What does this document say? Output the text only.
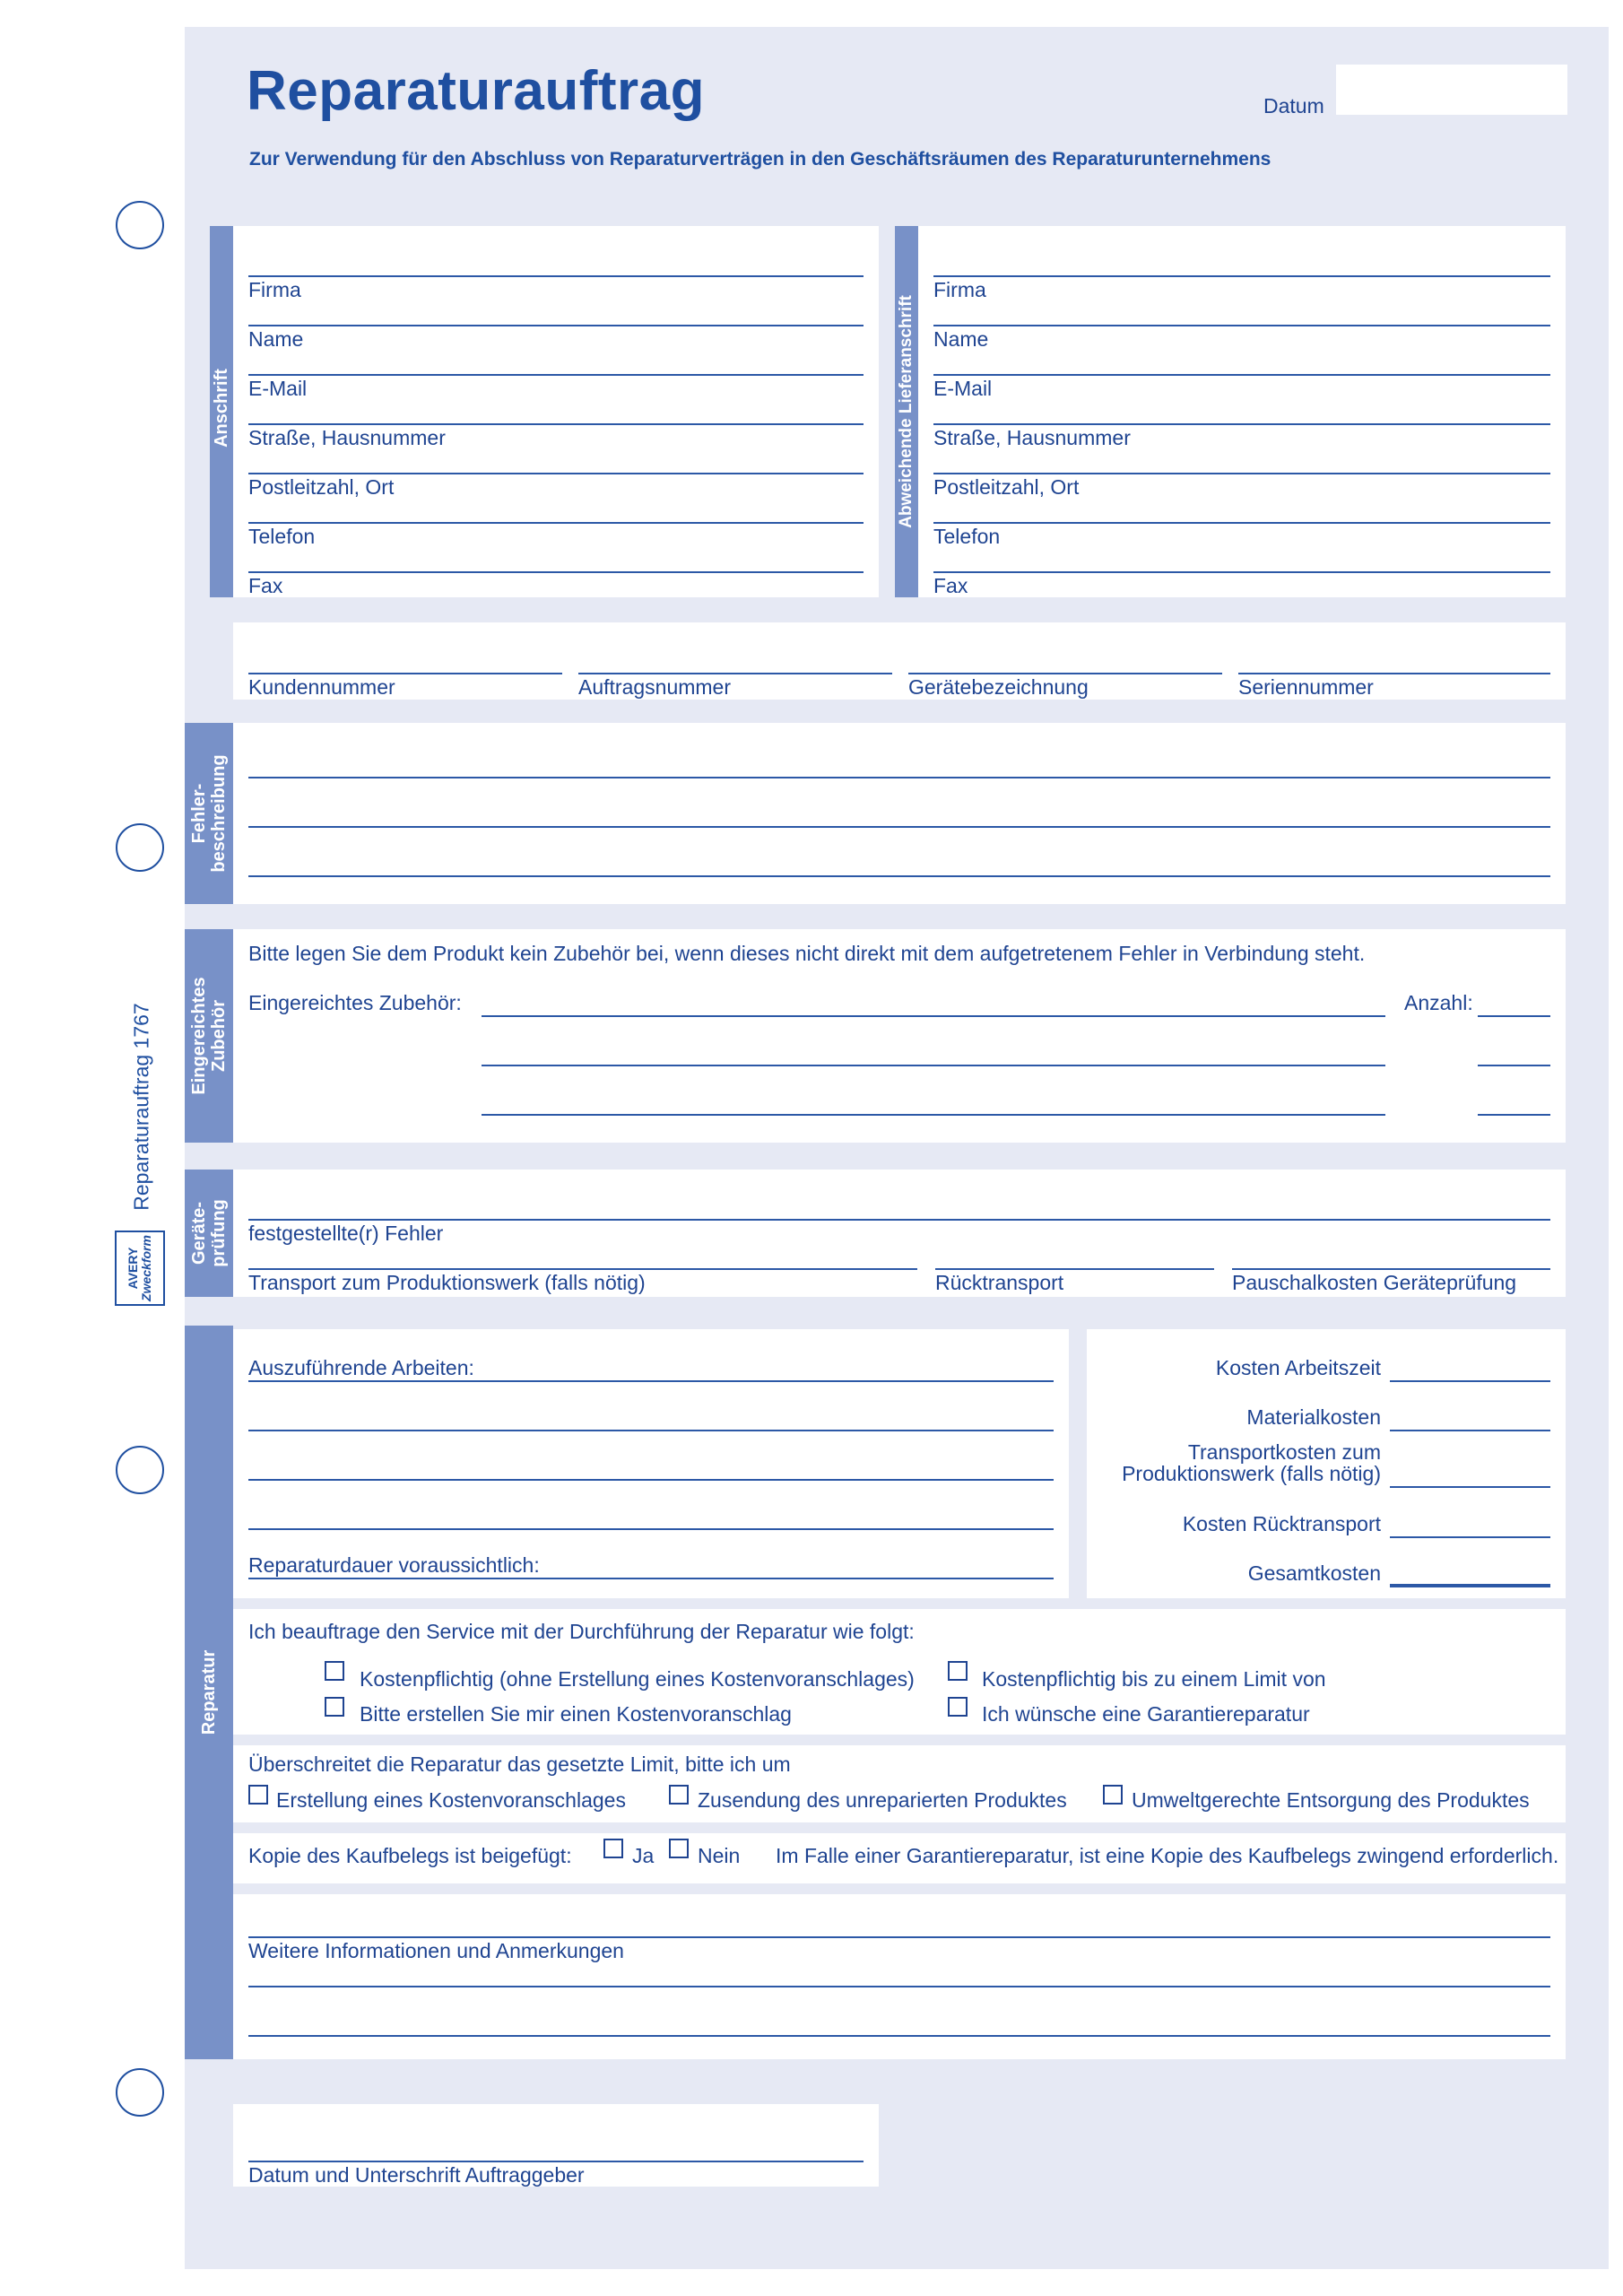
Reparaturauftrag 1767
AVERY
Zweckform
Reparaturauftrag	Datum
Zur Verwendung für den Abschluss von Reparaturverträgen in den Geschäftsräumen des Reparaturunternehmens
Anschrift
Firma
Name
E-Mail
Straße, Hausnummer
Postleitzahl, Ort
Telefon
Fax
Abweichende Lieferanschrift
Firma
Name
E-Mail
Straße, Hausnummer
Postleitzahl, Ort
Telefon
Fax
Kundennummer	Auftragsnummer	Gerätebezeichnung	Seriennummer
Fehler-
beschreibung
Eingereichtes
Zubehör
Bitte legen Sie dem Produkt kein Zubehör bei, wenn dieses nicht direkt mit dem aufgetretenem Fehler in Verbindung steht.
Eingereichtes Zubehör:	Anzahl:
Geräte-
prüfung festgestellte(r) Fehler
Transport zum Produktionswerk (falls nötig)	Rücktransport	Pauschalkosten Geräteprüfung
Reparatur
Auszuführende Arbeiten:
Reparaturdauer voraussichtlich:
Kosten Arbeitszeit
Materialkosten
Transportkosten zum
Produktionswerk (falls nötig)
Kosten Rücktransport
Gesamtkosten
Ich beauftrage den Service mit der Durchführung der Reparatur wie folgt:
Kostenpflichtig (ohne Erstellung eines Kostenvoranschlages)	Kostenpflichtig bis zu einem Limit von
Bitte erstellen Sie mir einen Kostenvoranschlag	Ich wünsche eine Garantiereparatur
Überschreitet die Reparatur das gesetzte Limit, bitte ich um
Erstellung eines Kostenvoranschlages	Zusendung des unreparierten Produktes	Umweltgerechte Entsorgung des Produktes
Kopie des Kaufbelegs ist beigefügt:	Ja Nein Im Falle einer Garantiereparatur, ist eine Kopie des Kaufbelegs zwingend erforderlich.
Weitere Informationen und Anmerkungen
Datum und Unterschrift Auftraggeber
